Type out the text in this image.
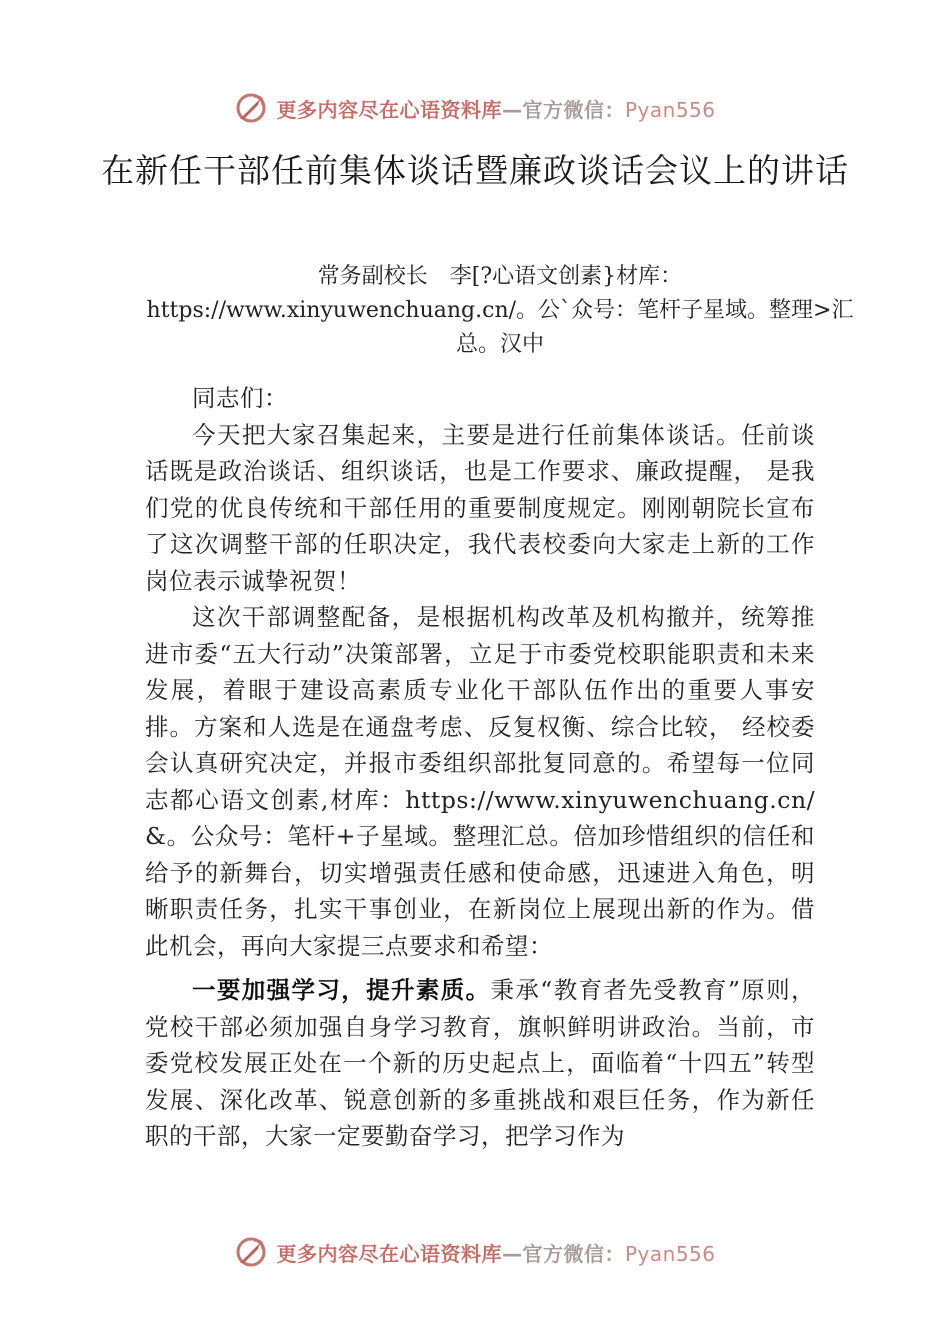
更多内容尽在心语资料库—官方微信：Pyan556
在新任干部任前集体谈话暨廉政谈话会议上的讲话
常务副校长　李[?心语文创素}材库：https://www.xinyuwenchuang.cn/。公`众号：笔杆子星域。整理>汇总。汉中

同志们：

今天把大家召集起来，主要是进行任前集体谈话。任前谈话既是政治谈话、组织谈话，也是工作要求、廉政提醒， 是我们党的优良传统和干部任用的重要制度规定。刚刚朝院长宣布了这次调整干部的任职决定，我代表校委向大家走上新的工作岗位表示诚挚祝贺！

这次干部调整配备，是根据机构改革及机构撤并，统筹推进市委“五大行动”决策部署，立足于市委党校职能职责和未来发展，着眼于建设高素质专业化干部队伍作出的重要人事安排。方案和人选是在通盘考虑、反复权衡、综合比较， 经校委会认真研究决定，并报市委组织部批复同意的。希望每一位同志都心语文创素,材库：https://www.xinyuwenchuang.cn/&。公众号：笔杆+子星域。整理汇总。倍加珍惜组织的信任和给予的新舞台，切实增强责任感和使命感，迅速进入角色，明晰职责任务，扎实干事创业，在新岗位上展现出新的作为。借此机会，再向大家提三点要求和希望：

一要加强学习，提升素质。秉承“教育者先受教育”原则，党校干部必须加强自身学习教育，旗帜鲜明讲政治。当前，市委党校发展正处在一个新的历史起点上，面临着“十四五”转型发展、深化改革、锐意创新的多重挑战和艰巨任务，作为新任职的干部，大家一定要勤奋学习，把学习作为

更多内容尽在心语资料库—官方微信：Pyan556
